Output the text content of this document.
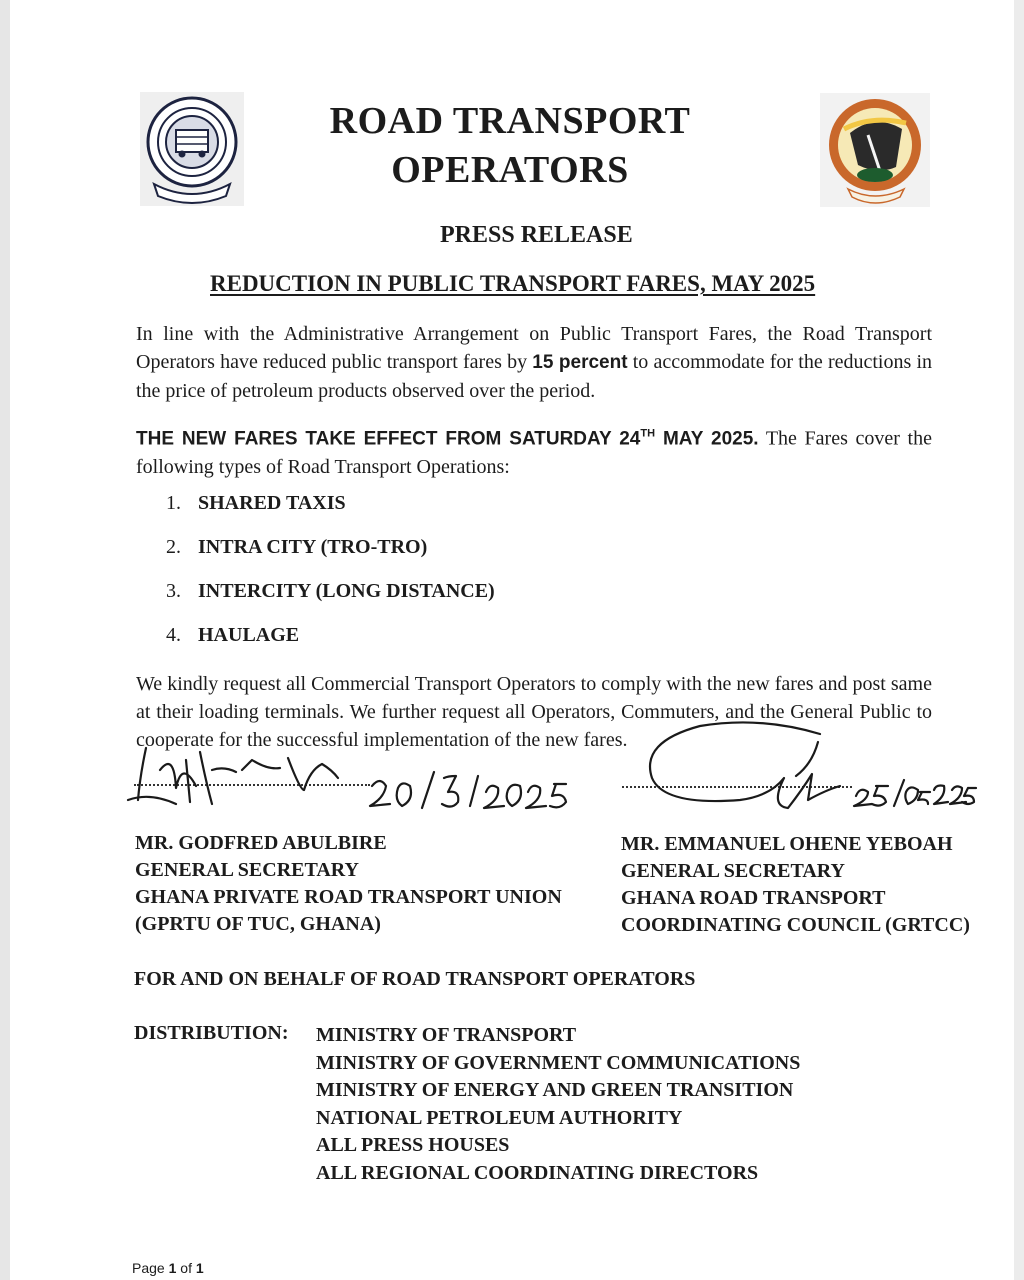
ROAD TRANSPORT
OPERATORS
PRESS RELEASE
REDUCTION IN PUBLIC TRANSPORT FARES, MAY 2025
In line with the Administrative Arrangement on Public Transport Fares, the Road Transport Operators have reduced public transport fares by 15 percent to accommodate for the reductions in the price of petroleum products observed over the period.
THE NEW FARES TAKE EFFECT FROM SATURDAY 24TH MAY 2025. The Fares cover the following types of Road Transport Operations:
1. SHARED TAXIS
2. INTRA CITY (TRO-TRO)
3. INTERCITY (LONG DISTANCE)
4. HAULAGE
We kindly request all Commercial Transport Operators to comply with the new fares and post same at their loading terminals. We further request all Operators, Commuters, and the General Public to cooperate for the successful implementation of the new fares.
MR. GODFRED ABULBIRE
GENERAL SECRETARY
GHANA PRIVATE ROAD TRANSPORT UNION
(GPRTU OF TUC, GHANA)
MR. EMMANUEL OHENE YEBOAH
GENERAL SECRETARY
GHANA ROAD TRANSPORT
COORDINATING COUNCIL (GRTCC)
FOR AND ON BEHALF OF ROAD TRANSPORT OPERATORS
DISTRIBUTION: MINISTRY OF TRANSPORT
MINISTRY OF GOVERNMENT COMMUNICATIONS
MINISTRY OF ENERGY AND GREEN TRANSITION
NATIONAL PETROLEUM AUTHORITY
ALL PRESS HOUSES
ALL REGIONAL COORDINATING DIRECTORS
Page 1 of 1
